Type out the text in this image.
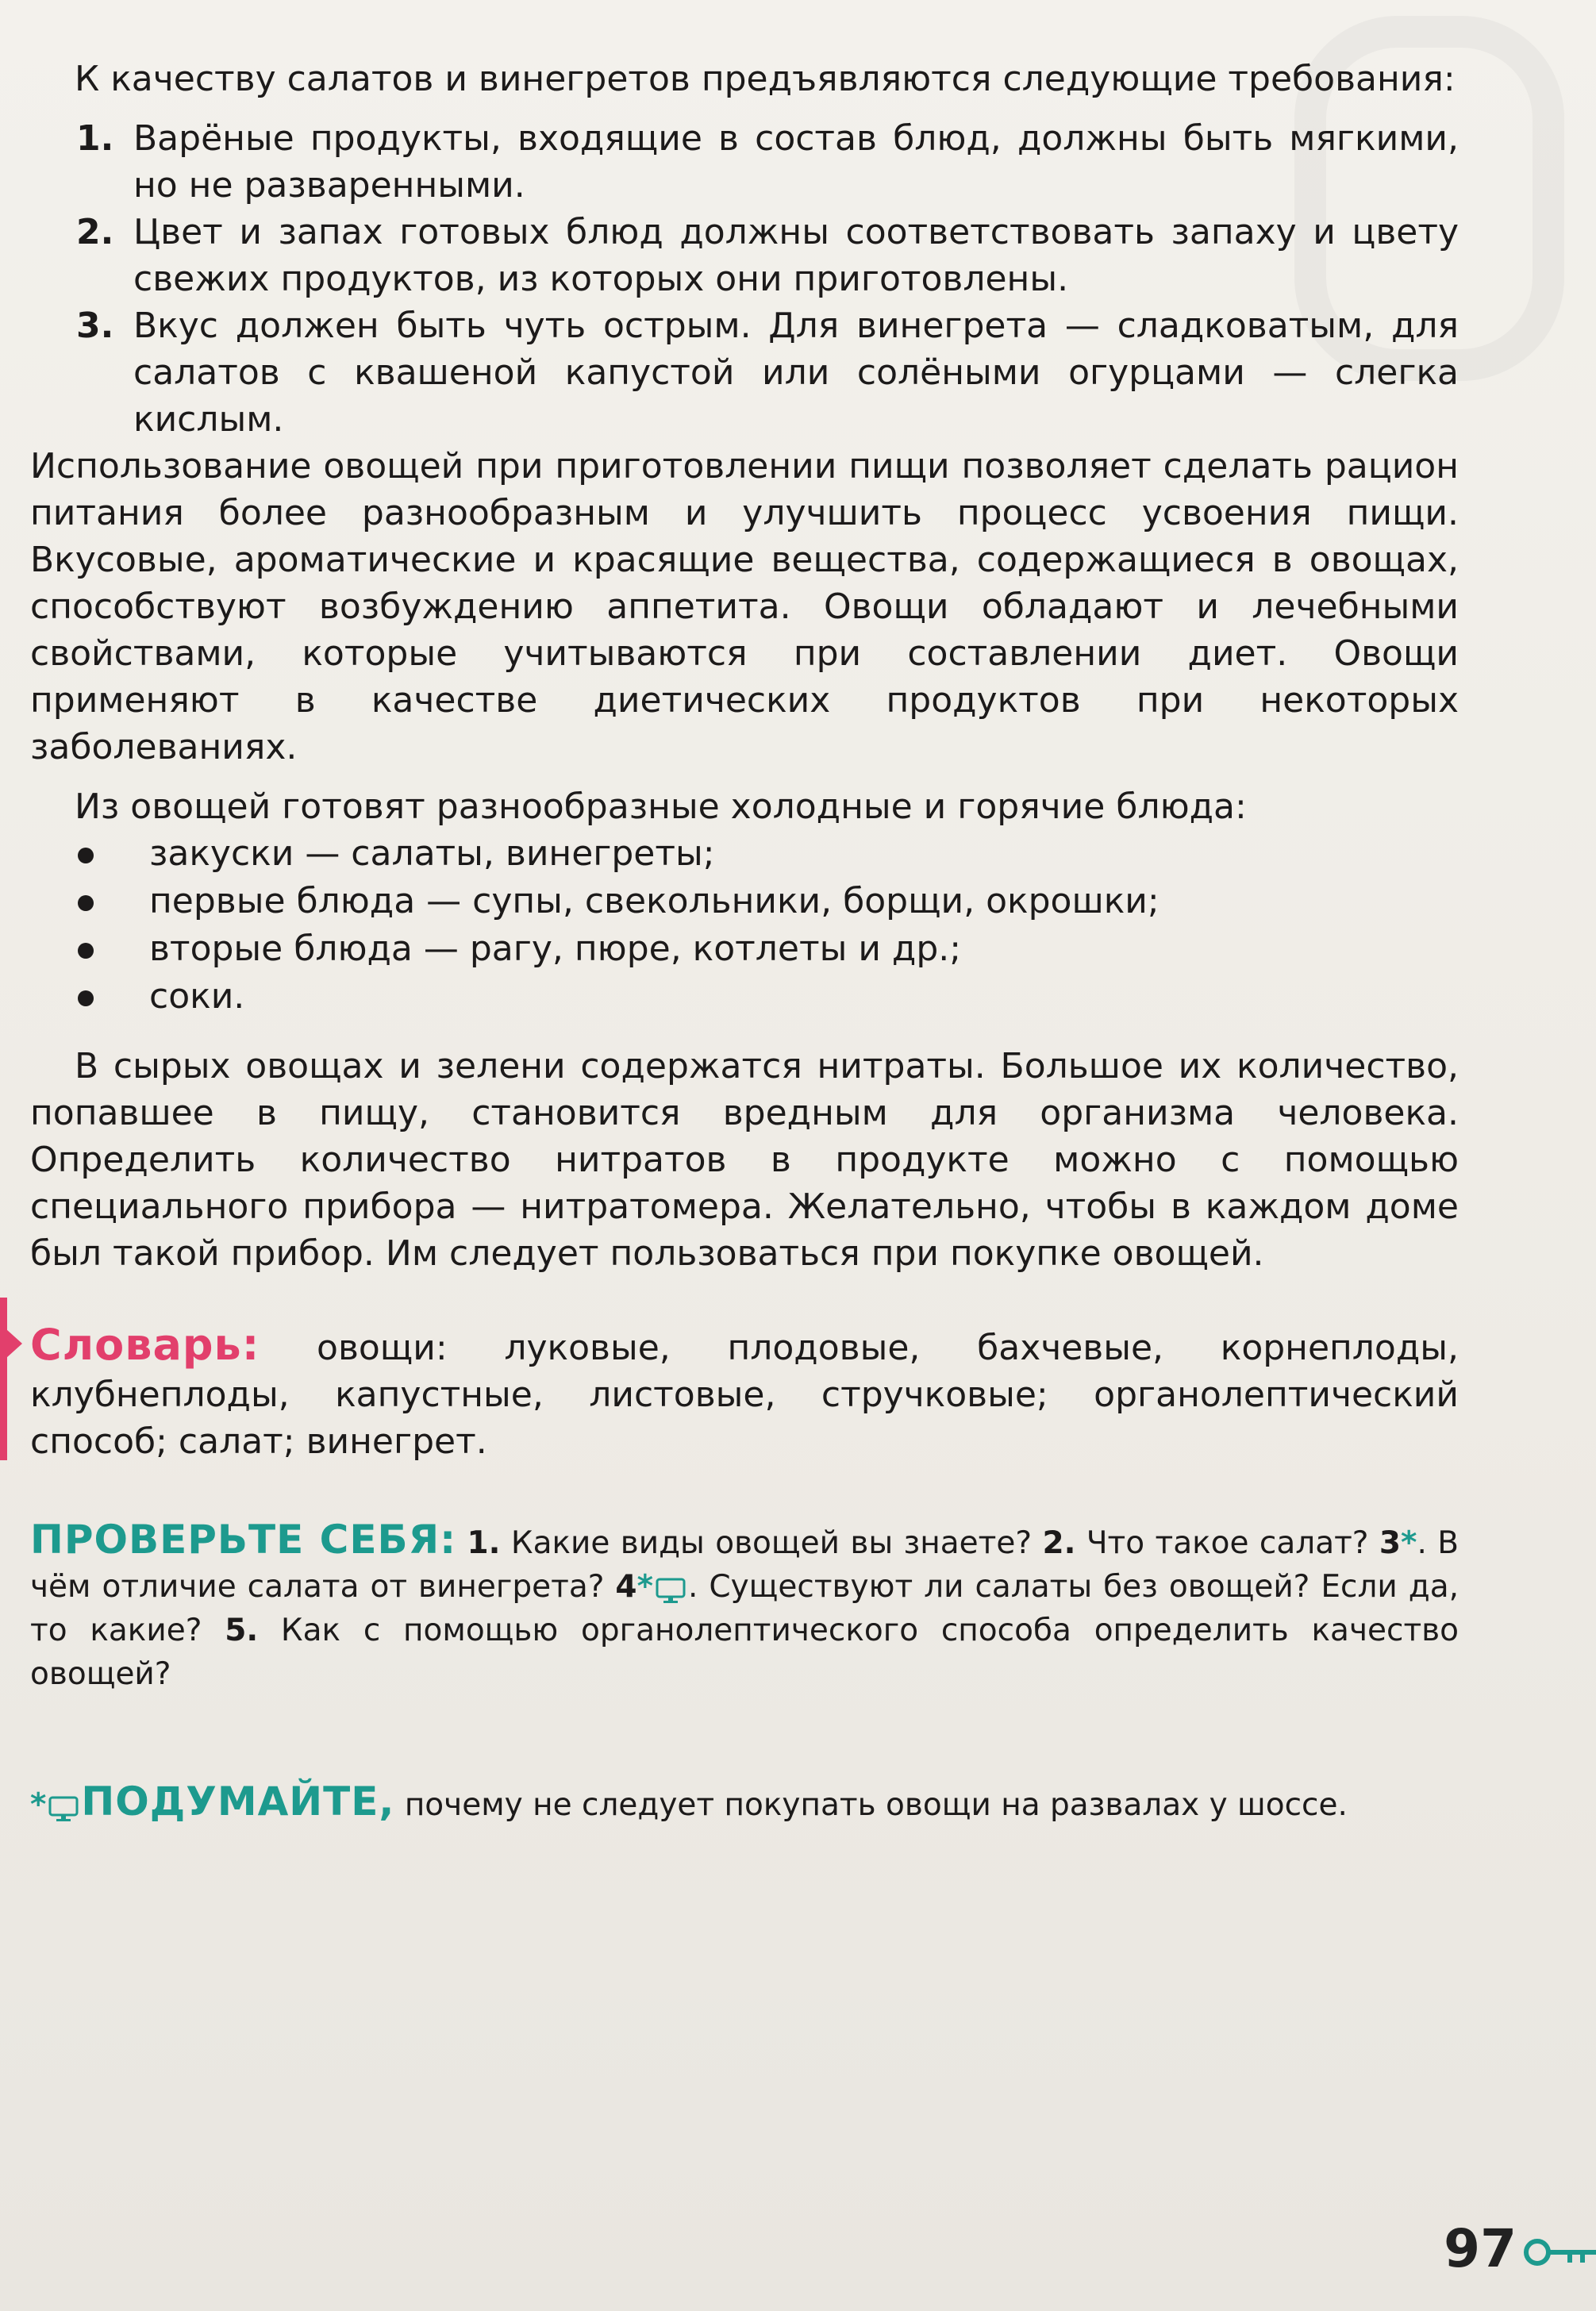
К качеству салатов и винегретов предъявляются следующие требования:

1. Варёные продукты, входящие в состав блюд, должны быть мягкими, но не разваренными.
2. Цвет и запах готовых блюд должны соответствовать запаху и цвету свежих продуктов, из которых они приготовлены.
3. Вкус должен быть чуть острым. Для винегрета — сладковатым, для салатов с квашеной капустой или солёными огурцами — слегка кислым.

Использование овощей при приготовлении пищи позволяет сделать рацион питания более разнообразным и улучшить процесс усвоения пищи. Вкусовые, ароматические и красящие вещества, содержащиеся в овощах, способствуют возбуждению аппетита. Овощи обладают и лечебными свойствами, которые учитываются при составлении диет. Овощи применяют в качестве диетических продуктов при некоторых заболеваниях.

Из овощей готовят разнообразные холодные и горячие блюда:

закуски — салаты, винегреты;
первые блюда — супы, свекольники, борщи, окрошки;
вторые блюда — рагу, пюре, котлеты и др.;
соки.

В сырых овощах и зелени содержатся нитраты. Большое их количество, попавшее в пищу, становится вредным для организма человека. Определить количество нитратов в продукте можно с помощью специального прибора — нитратомера. Желательно, чтобы в каждом доме был такой прибор. Им следует пользоваться при покупке овощей.

Словарь: овощи: луковые, плодовые, бахчевые, корнеплоды, клубнеплоды, капустные, листовые, стручковые; органолептический способ; салат; винегрет.

ПРОВЕРЬТЕ СЕБЯ: 1. Какие виды овощей вы знаете? 2. Что такое салат? 3*. В чём отличие салата от винегрета? 4* . Существуют ли салаты без овощей? Если да, то какие? 5. Как с помощью органолептического способа определить качество овощей?

* ПОДУМАЙТЕ, почему не следует покупать овощи на развалах у шоссе.

97
